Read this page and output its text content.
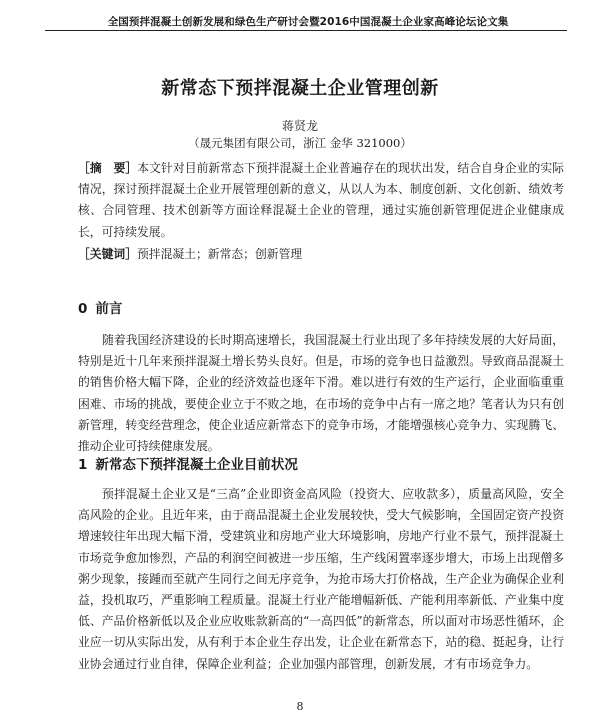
全国预拌混凝土创新发展和绿色生产研讨会暨2016中国混凝土企业家高峰论坛论文集
新常态下预拌混凝土企业管理创新
蒋贤龙
（晟元集团有限公司，浙江 金华 321000）

［摘　要］本文针对目前新常态下预拌混凝土企业普遍存在的现状出发，结合自身企业的实际情况，探讨预拌混凝土企业开展管理创新的意义，从以人为本、制度创新、文化创新、绩效考核、合同管理、技术创新等方面诠释混凝土企业的管理，通过实施创新管理促进企业健康成长，可持续发展。

［关键词］预拌混凝土；新常态；创新管理

0 前言

随着我国经济建设的长时期高速增长，我国混凝土行业出现了多年持续发展的大好局面，特别是近十几年来预拌混凝土增长势头良好。但是，市场的竞争也日益激烈。导致商品混凝土的销售价格大幅下降，企业的经济效益也逐年下滑。难以进行有效的生产运行，企业面临重重困难、市场的挑战，要使企业立于不败之地，在市场的竞争中占有一席之地？笔者认为只有创新管理，转变经营理念，使企业适应新常态下的竞争市场，才能增强核心竞争力、实现腾飞、推动企业可持续健康发展。

1 新常态下预拌混凝土企业目前状况

预拌混凝土企业又是“三高”企业即资金高风险（投资大、应收款多），质量高风险，安全高风险的企业。且近年来，由于商品混凝土企业发展较快，受大气候影响，全国固定资产投资增速较往年出现大幅下滑，受建筑业和房地产业大环境影响，房地产行业不景气，预拌混凝土市场竞争愈加惨烈，产品的利润空间被进一步压缩，生产线闲置率逐步增大，市场上出现僧多粥少现象，接踵而至就产生同行之间无序竞争，为抢市场大打价格战，生产企业为确保企业利益，投机取巧，严重影响工程质量。混凝土行业产能增幅新低、产能利用率新低、产业集中度低、产品价格新低以及企业应收账款新高的“一高四低”的新常态，所以面对市场恶性循环，企业应一切从实际出发，从有利于本企业生存出发，让企业在新常态下，站的稳、挺起身，让行业协会通过行业自律，保障企业利益；企业加强内部管理，创新发展，才有市场竞争力。

8
